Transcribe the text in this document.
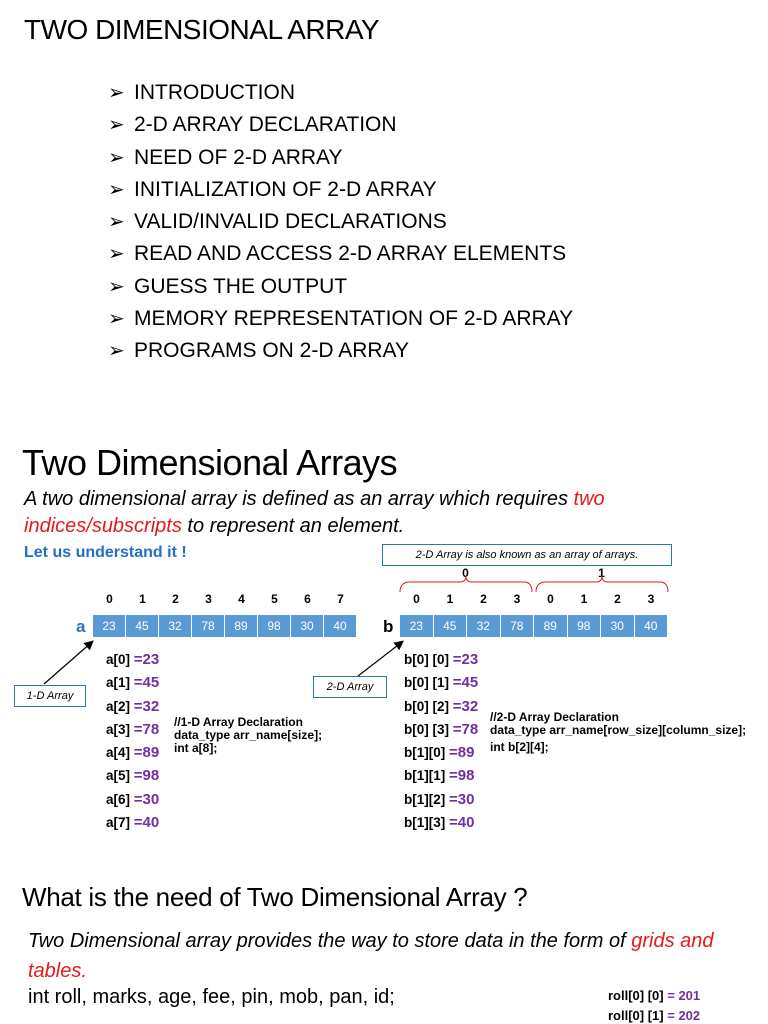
TWO DIMENSIONAL ARRAY
➢ INTRODUCTION
➢ 2-D ARRAY DECLARATION
➢ NEED OF 2-D ARRAY
➢ INITIALIZATION OF 2-D ARRAY
➢ VALID/INVALID DECLARATIONS
➢ READ AND ACCESS 2-D ARRAY ELEMENTS
➢ GUESS THE OUTPUT
➢ MEMORY REPRESENTATION OF 2-D ARRAY
➢ PROGRAMS ON 2-D ARRAY
Two Dimensional Arrays
A two dimensional array is defined as an array which requires two indices/subscripts to represent an element.
Let us understand it !	2-D Array is also known as an array of arrays.
0	1	2	3	4	5	6	7	0	1	2	3	0	1	2	3
0	1
a	b
23	45	32	78	89	98	30	40	23	45	32	78	89	98	30	40
1-D Array
2-D Array
a[0] =23
a[1] =45
a[2] =32
a[3] =78
a[4] =89
a[5] =98
a[6] =30
a[7] =40
b[0] [0] =23
b[0] [1] =45
b[0] [2] =32
b[0] [3] =78
b[1][0] =89
b[1][1] =98
b[1][2] =30
b[1][3] =40
//1-D Array Declaration
data_type arr_name[size];
int a[8];
//2-D Array Declaration
data_type arr_name[row_size][column_size];
int b[2][4];
What is the need of Two Dimensional Array ?
Two Dimensional array provides the way to store data in the form of grids and tables.
int roll, marks, age, fee, pin, mob, pan, id;	roll[0] [0] = 201
roll[0] [1] = 202
